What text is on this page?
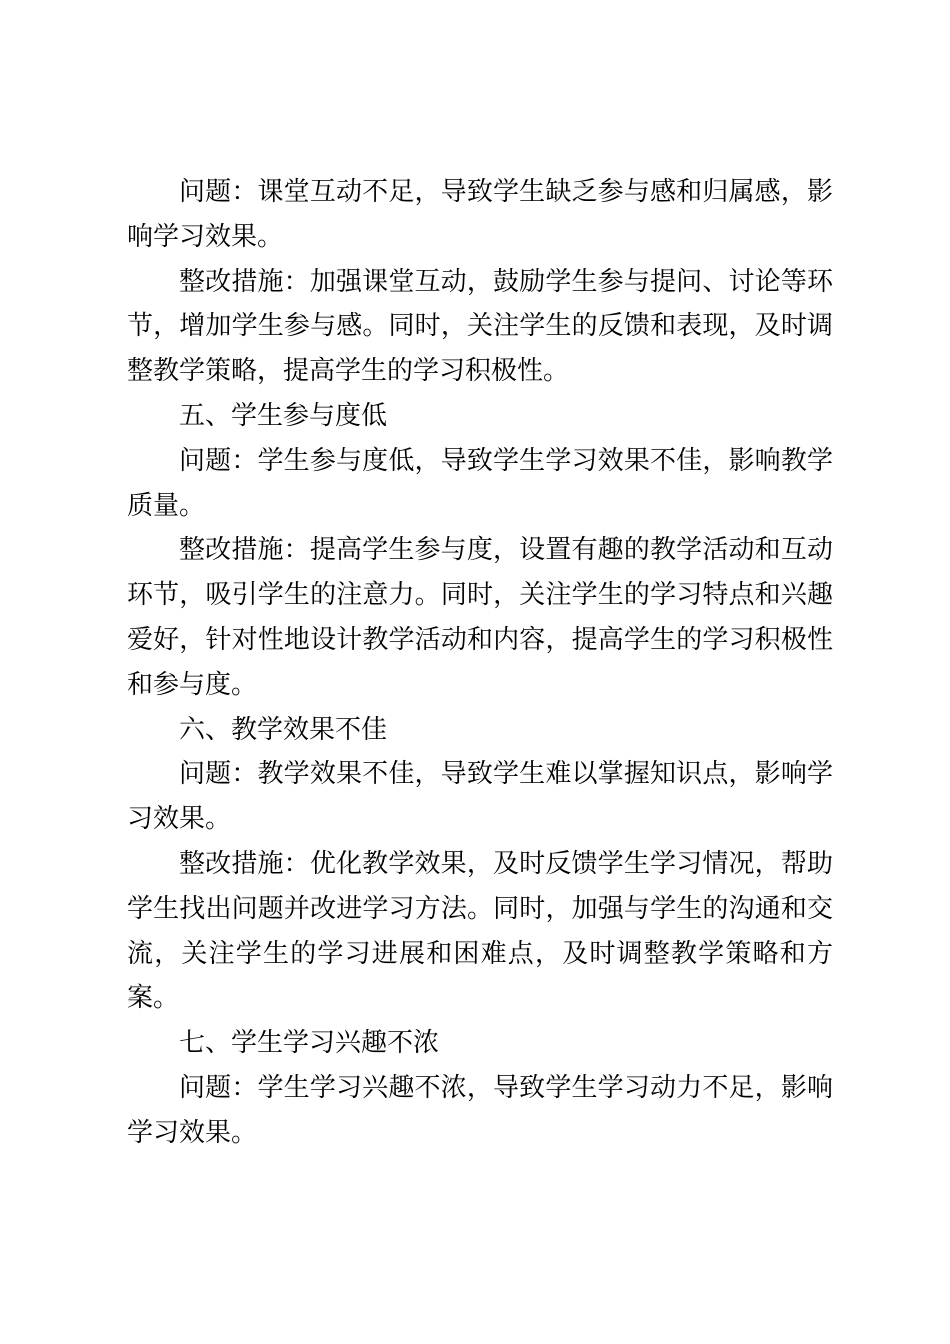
问题：课堂互动不足，导致学生缺乏参与感和归属感，影响学习效果。

整改措施：加强课堂互动，鼓励学生参与提问、讨论等环节，增加学生参与感。同时，关注学生的反馈和表现，及时调整教学策略，提高学生的学习积极性。

五、学生参与度低

问题：学生参与度低，导致学生学习效果不佳，影响教学质量。

整改措施：提高学生参与度，设置有趣的教学活动和互动环节，吸引学生的注意力。同时，关注学生的学习特点和兴趣爱好，针对性地设计教学活动和内容，提高学生的学习积极性和参与度。

六、教学效果不佳

问题：教学效果不佳，导致学生难以掌握知识点，影响学习效果。

整改措施：优化教学效果，及时反馈学生学习情况，帮助学生找出问题并改进学习方法。同时，加强与学生的沟通和交流，关注学生的学习进展和困难点，及时调整教学策略和方案。

七、学生学习兴趣不浓

问题：学生学习兴趣不浓，导致学生学习动力不足，影响学习效果。
